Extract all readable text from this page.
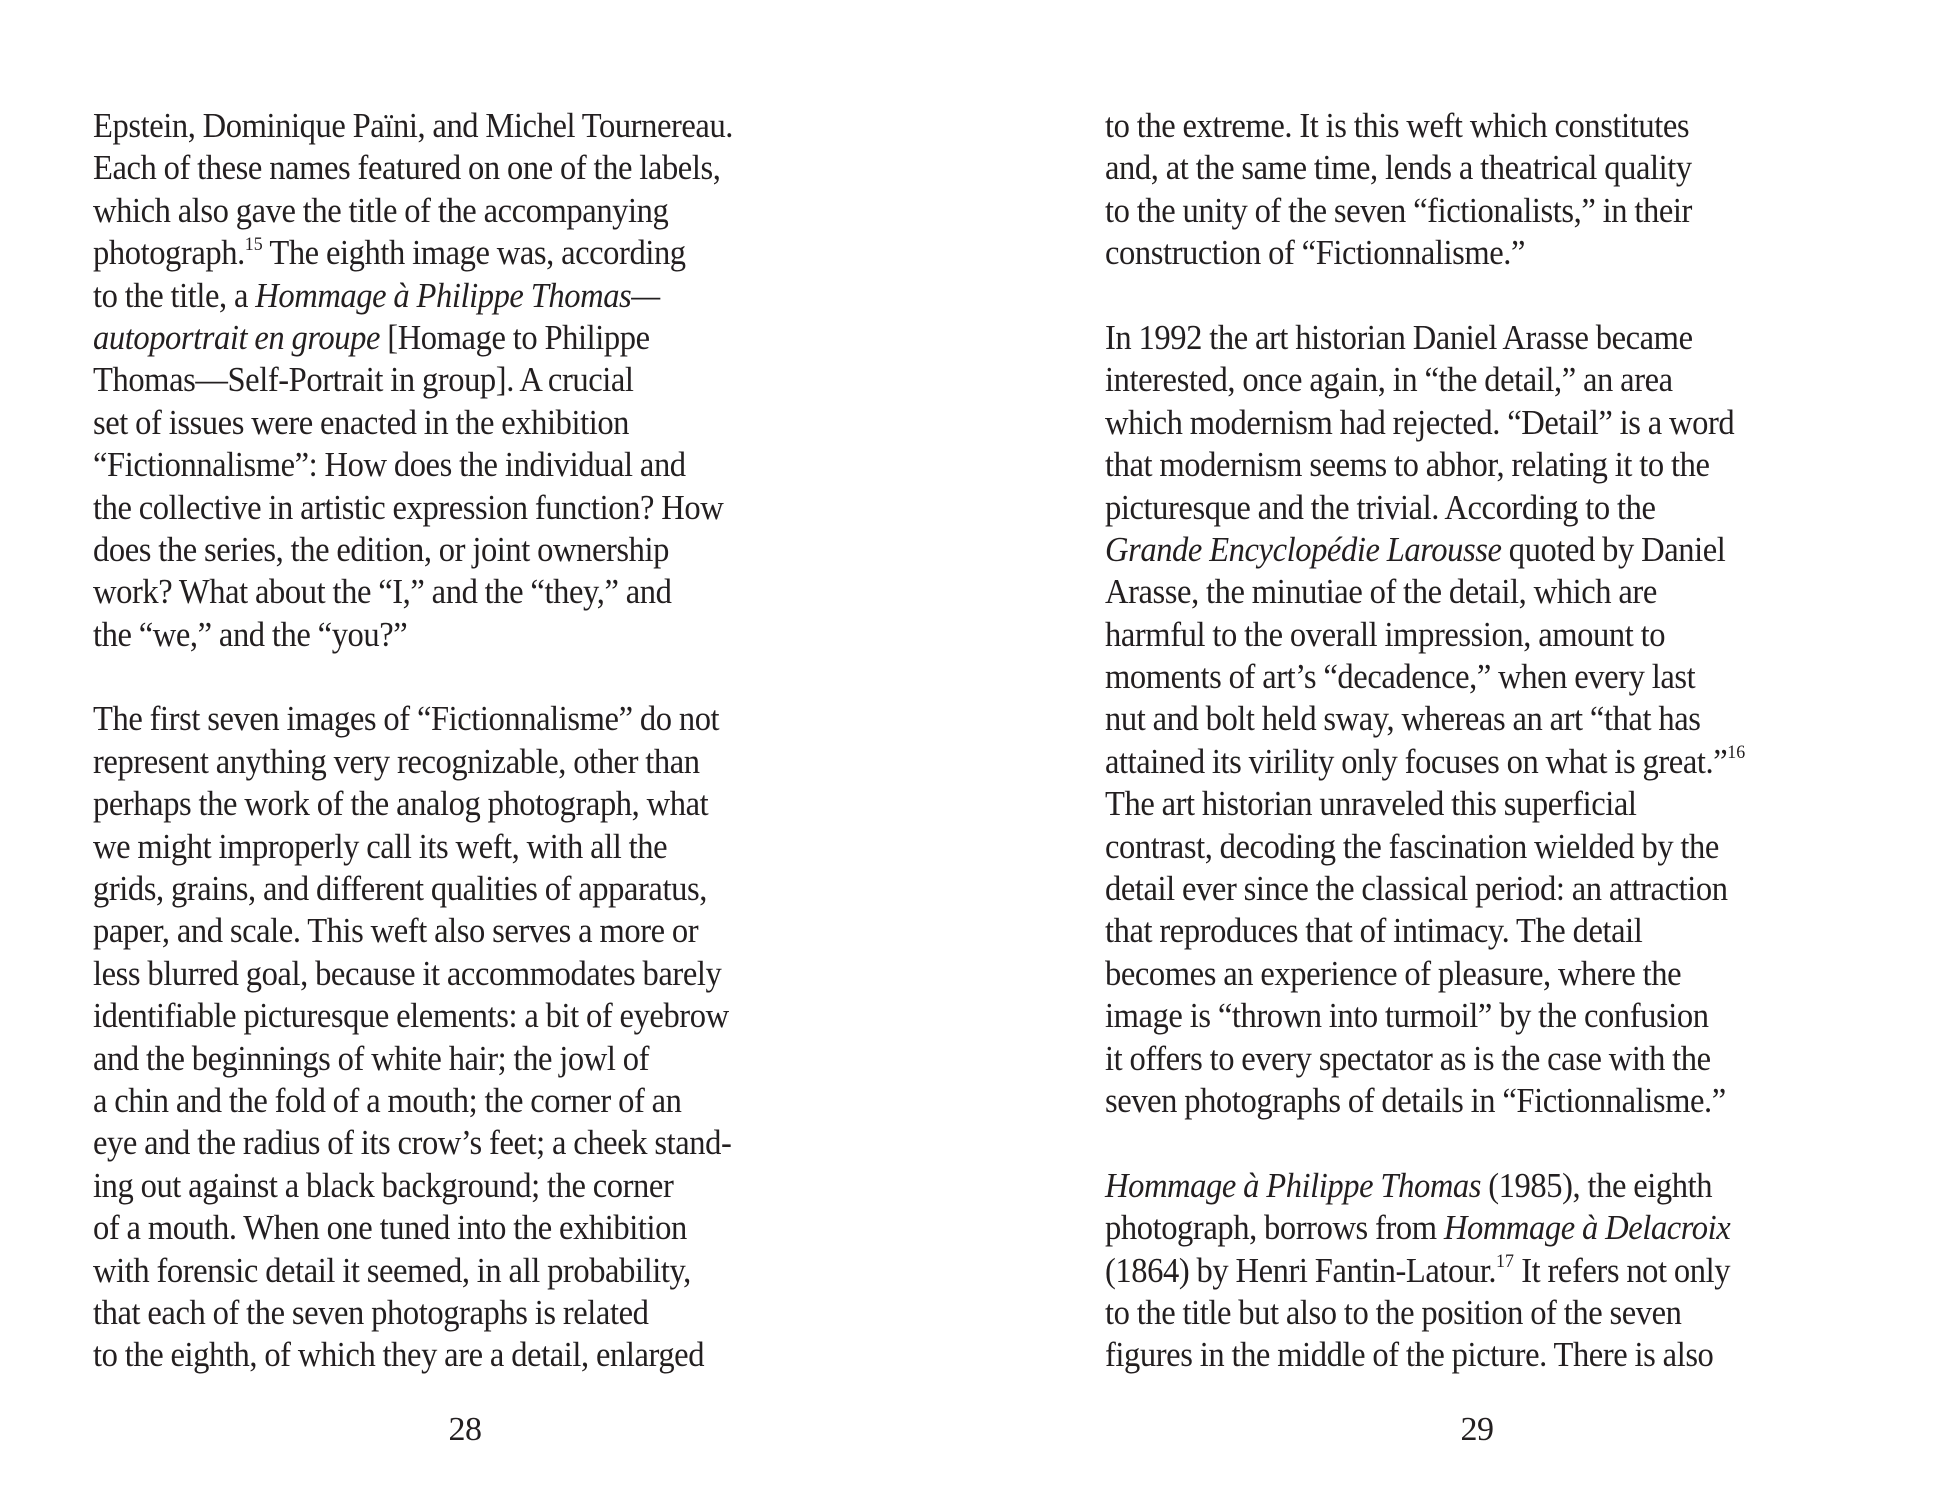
Epstein, Dominique Païni, and Michel Tournereau.
Each of these names featured on one of the labels,
which also gave the title of the accompanying
photograph.$^{15}$ The eighth image was, according
to the title, a Hommage à Philippe Thomas—
autoportrait en groupe [Homage to Philippe
Thomas—Self-Portrait in group]. A crucial
set of issues were enacted in the exhibition
“Fictionnalisme”: How does the individual and
the collective in artistic expression function? How
does the series, the edition, or joint ownership
work? What about the “I,” and the “they,” and
the “we,” and the “you?”
The first seven images of “Fictionnalisme” do not
represent anything very recognizable, other than
perhaps the work of the analog photograph, what
we might improperly call its weft, with all the
grids, grains, and different qualities of apparatus,
paper, and scale. This weft also serves a more or
less blurred goal, because it accommodates barely
identifiable picturesque elements: a bit of eyebrow
and the beginnings of white hair; the jowl of
a chin and the fold of a mouth; the corner of an
eye and the radius of its crow’s feet; a cheek stand-
ing out against a black background; the corner
of a mouth. When one tuned into the exhibition
with forensic detail it seemed, in all probability,
that each of the seven photographs is related
to the eighth, of which they are a detail, enlarged
28
to the extreme. It is this weft which constitutes
and, at the same time, lends a theatrical quality
to the unity of the seven “fictionalists,” in their
construction of “Fictionnalisme.”
In 1992 the art historian Daniel Arasse became
interested, once again, in “the detail,” an area
which modernism had rejected. “Detail” is a word
that modernism seems to abhor, relating it to the
picturesque and the trivial. According to the
Grande Encyclopédie Larousse quoted by Daniel
Arasse, the minutiae of the detail, which are
harmful to the overall impression, amount to
moments of art’s “decadence,” when every last
nut and bolt held sway, whereas an art “that has
attained its virility only focuses on what is great.”$^{16}$
The art historian unraveled this superficial
contrast, decoding the fascination wielded by the
detail ever since the classical period: an attraction
that reproduces that of intimacy. The detail
becomes an experience of pleasure, where the
image is “thrown into turmoil” by the confusion
it offers to every spectator as is the case with the
seven photographs of details in “Fictionnalisme.”
Hommage à Philippe Thomas (1985), the eighth
photograph, borrows from Hommage à Delacroix
(1864) by Henri Fantin-Latour.$^{17}$ It refers not only
to the title but also to the position of the seven
figures in the middle of the picture. There is also
29
